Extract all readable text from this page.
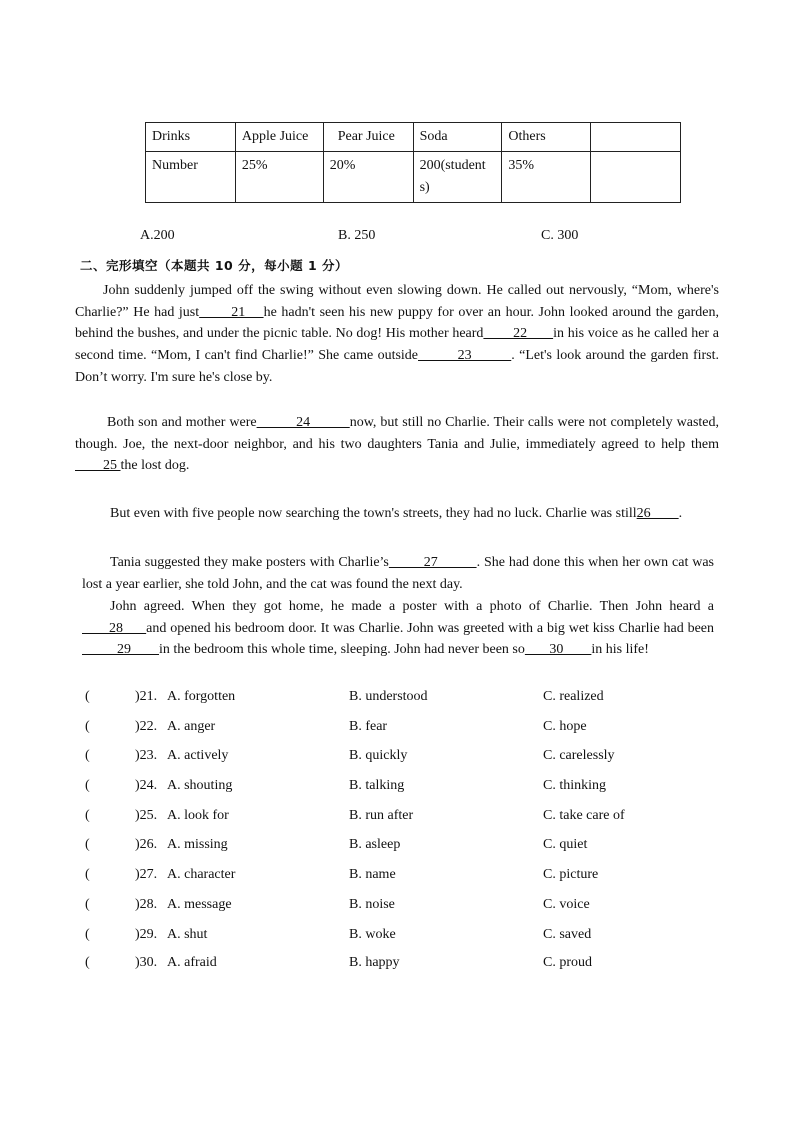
Drinks	Apple Juice	Pear Juice	Soda	Others	
Number	25%	20%	200(students)	35%	
A.200	B. 250	C. 300
二、完形填空（本题共 10 分，每小题 1 分）
John suddenly jumped off the swing without even slowing down. He called out nervously, “Mom, where's Charlie?” He had just       21    he hadn't seen his new puppy for over an hour. John looked around the garden, behind the bushes, and under the picnic table. No dog! His mother heard        22       in his voice as he called her a second time. “Mom, I can't find Charlie!” She came outside         23         . “Let's look around the garden first. Don’t worry. I'm sure he's close by.
Both son and mother were          24          now, but still no Charlie. Their calls were not completely wasted, though. Joe, the next-door neighbor, and his two daughters Tania and Julie, immediately agreed to help them        25 the lost dog.
But even with five people now searching the town's streets, they had no luck. Charlie was still26        .
Tania suggested they make posters with Charlie’s         27          . She had done this when her own cat was lost a year earlier, she told John, and the cat was found the next day.
John agreed. When they got home, he made a poster with a photo of Charlie. Then John heard a       28      and opened his bedroom door. It was Charlie. John was greeted with a big wet kiss Charlie had been          29        in the bedroom this whole time, sleeping. John had never been so       30        in his life!
(	)21. A. forgotten	B. understood	C. realized
(	)22. A. anger	B. fear	C. hope
(	)23. A. actively	B. quickly	C. carelessly
(	)24. A. shouting	B. talking	C. thinking
(	)25. A. look for	B. run after	C. take care of
(	)26. A. missing	B. asleep	C. quiet
(	)27. A. character	B. name	C. picture
(	)28. A. message	B. noise	C. voice
(	)29. A. shut	B. woke	C. saved
(	)30. A. afraid	B. happy	C. proud
